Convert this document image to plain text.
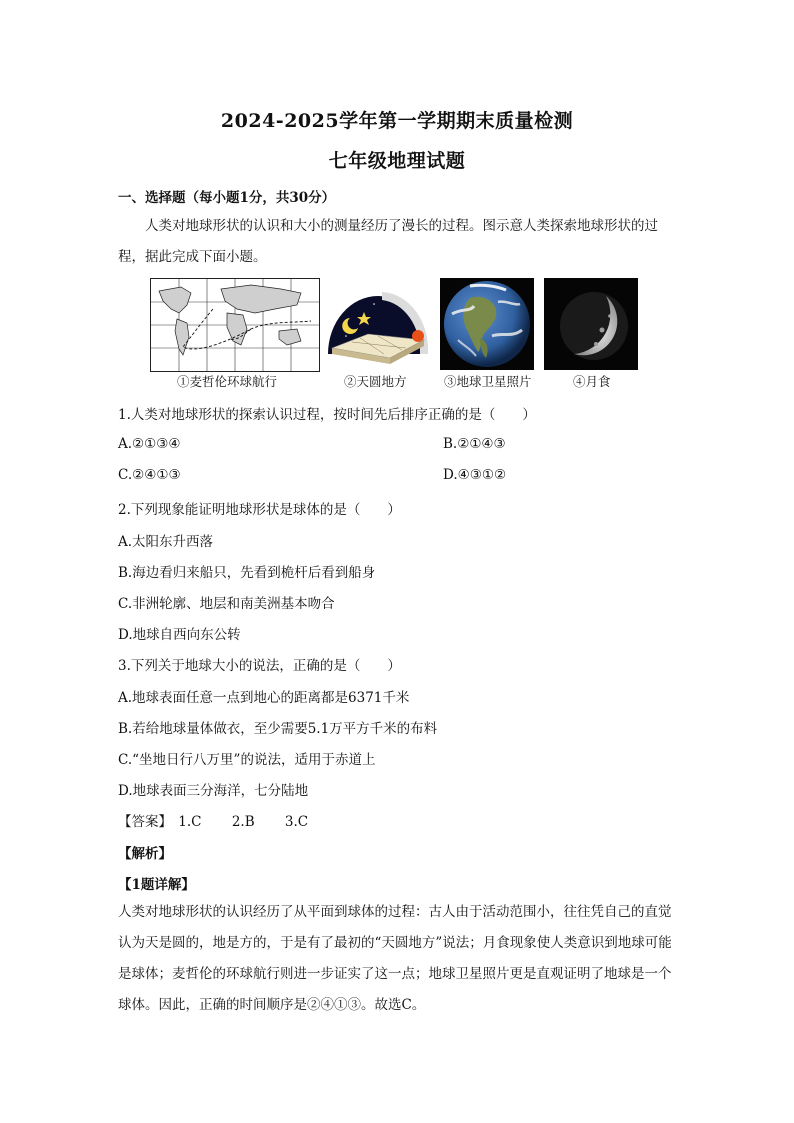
2024-2025学年第一学期期末质量检测
七年级地理试题
一、选择题（每小题1分，共30分）
人类对地球形状的认识和大小的测量经历了漫长的过程。图示意人类探索地球形状的过程，据此完成下面小题。
①麦哲伦环球航行	②天圆地方	③地球卫星照片	④月食
1.人类对地球形状的探索认识过程，按时间先后排序正确的是（　　）
A.②①③④	B.②①④③
C.②④①③	D.④③①②
2.下列现象能证明地球形状是球体的是（　　）
A.太阳东升西落
B.海边看归来船只，先看到桅杆后看到船身
C.非洲轮廓、地层和南美洲基本吻合
D.地球自西向东公转
3.下列关于地球大小的说法，正确的是（　　）
A.地球表面任意一点到地心的距离都是6371千米
B.若给地球量体做衣，至少需要5.1万平方千米的布料
C.“坐地日行八万里”的说法，适用于赤道上
D.地球表面三分海洋，七分陆地
【答案】 1.C 2.B 3.C
【解析】
【1题详解】
人类对地球形状的认识经历了从平面到球体的过程：古人由于活动范围小，往往凭自己的直觉认为天是圆的，地是方的，于是有了最初的“天圆地方”说法；月食现象使人类意识到地球可能是球体；麦哲伦的环球航行则进一步证实了这一点；地球卫星照片更是直观证明了地球是一个球体。因此，正确的时间顺序是②④①③。故选C。
